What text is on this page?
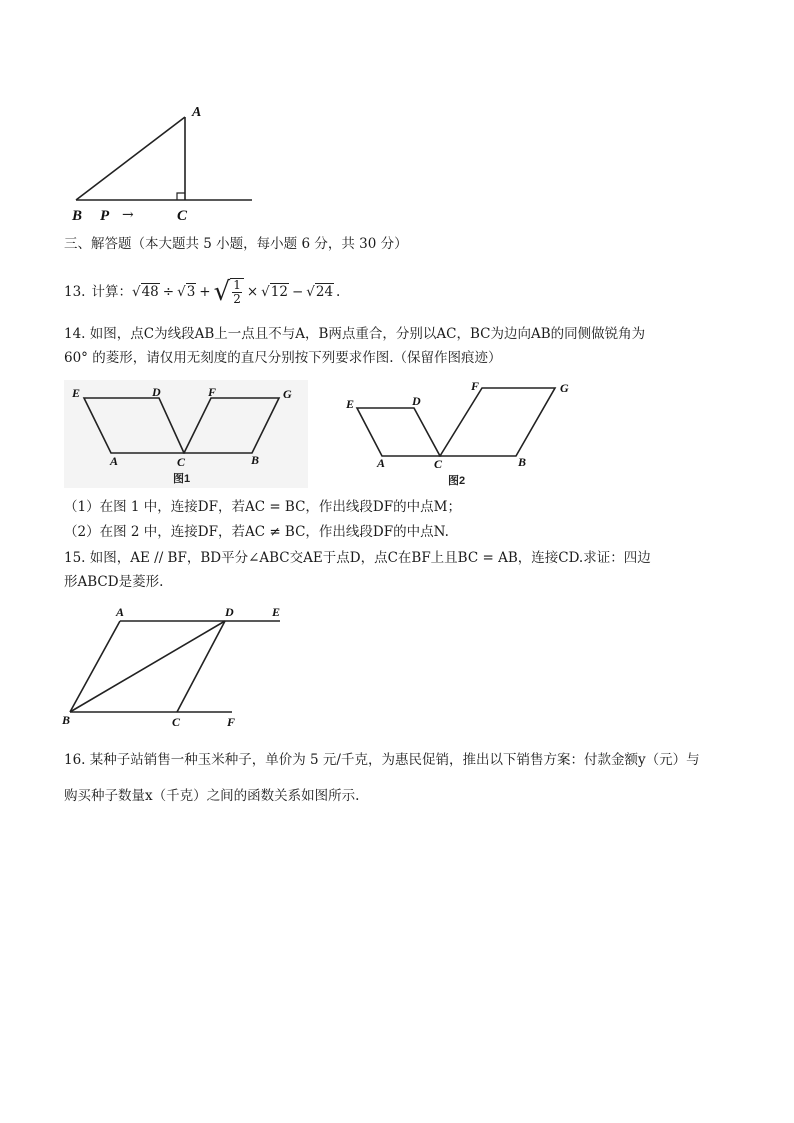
A
B P →	C
三、解答题（本大题共 5 小题，每小题 6 分，共 30 分）
13. 计算： √48 ÷ √3 + √ 1
2 × √12 − √24 .
14. 如图，点C为线段AB上一点且不与A，B两点重合，分别以AC，BC为边向AB的同侧做锐角为
60° 的菱形，请仅用无刻度的直尺分别按下列要求作图.（保留作图痕迹）
E	D	F	G
A	C	B
图1
E	D
F	G
A	C	B
图2
（1）在图 1 中，连接DF，若AC = BC，作出线段DF的中点M；
（2）在图 2 中，连接DF，若AC ≠ BC，作出线段DF的中点N.
15. 如图，AE // BF，BD平分∠ABC交AE于点D，点C在BF上且BC = AB，连接CD.求证：四边
形ABCD是菱形.
A	D	E
B	C	F
16. 某种子站销售一种玉米种子，单价为 5 元/千克，为惠民促销，推出以下销售方案：付款金额y（元）与
购买种子数量x（千克）之间的函数关系如图所示.
